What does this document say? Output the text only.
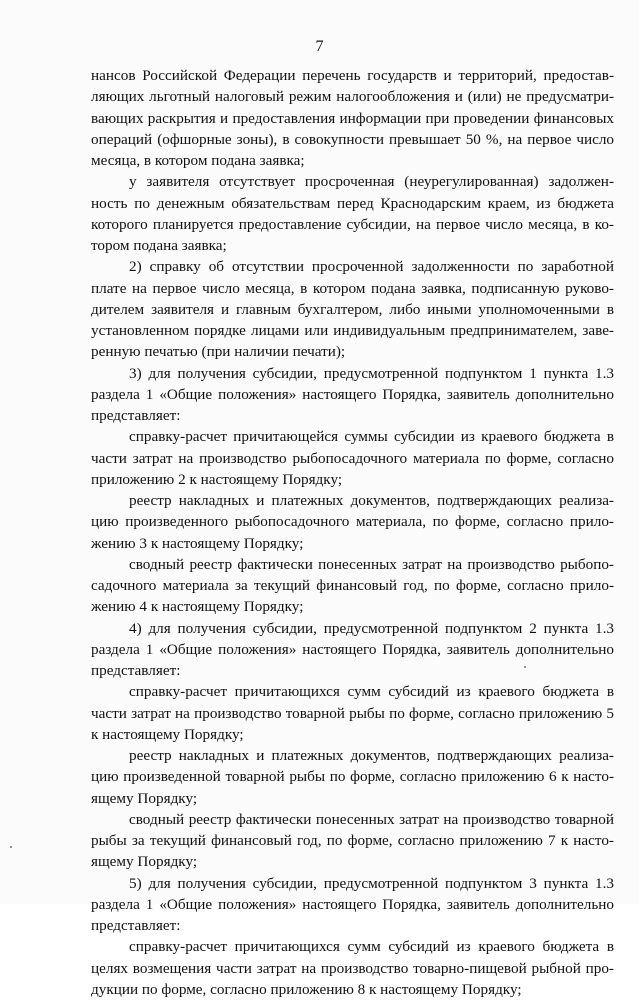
7
нансов Российской Федерации перечень государств и территорий, предостав-
ляющих льготный налоговый режим налогообложения и (или) не предусматри-
вающих раскрытия и предоставления информации при проведении финансовых
операций (офшорные зоны), в совокупности превышает 50 %, на первое число
месяца, в котором подана заявка;
у заявителя отсутствует просроченная (неурегулированная) задолжен-
ность по денежным обязательствам перед Краснодарским краем, из бюджета
которого планируется предоставление субсидии, на первое число месяца, в ко-
тором подана заявка;
2) справку об отсутствии просроченной задолженности по заработной
плате на первое число месяца, в котором подана заявка, подписанную руково-
дителем заявителя и главным бухгалтером, либо иными уполномоченными в
установленном порядке лицами или индивидуальным предпринимателем, заве-
ренную печатью (при наличии печати);
3) для получения субсидии, предусмотренной подпунктом 1 пункта 1.3
раздела 1 «Общие положения» настоящего Порядка, заявитель дополнительно
представляет:
справку-расчет причитающейся суммы субсидии из краевого бюджета в
части затрат на производство рыбопосадочного материала по форме, согласно
приложению 2 к настоящему Порядку;
реестр накладных и платежных документов, подтверждающих реализа-
цию произведенного рыбопосадочного материала, по форме, согласно прило-
жению 3 к настоящему Порядку;
сводный реестр фактически понесенных затрат на производство рыбопо-
садочного материала за текущий финансовый год, по форме, согласно прило-
жению 4 к настоящему Порядку;
4) для получения субсидии, предусмотренной подпунктом 2 пункта 1.3
раздела 1 «Общие положения» настоящего Порядка, заявитель дополнительно
представляет:
справку-расчет причитающихся сумм субсидий из краевого бюджета в
части затрат на производство товарной рыбы по форме, согласно приложению 5
к настоящему Порядку;
реестр накладных и платежных документов, подтверждающих реализа-
цию произведенной товарной рыбы по форме, согласно приложению 6 к насто-
ящему Порядку;
сводный реестр фактически понесенных затрат на производство товарной
рыбы за текущий финансовый год, по форме, согласно приложению 7 к насто-
ящему Порядку;
5) для получения субсидии, предусмотренной подпунктом 3 пункта 1.3
раздела 1 «Общие положения» настоящего Порядка, заявитель дополнительно
представляет:
справку-расчет причитающихся сумм субсидий из краевого бюджета в
целях возмещения части затрат на производство товарно-пищевой рыбной про-
дукции по форме, согласно приложению 8 к настоящему Порядку;
